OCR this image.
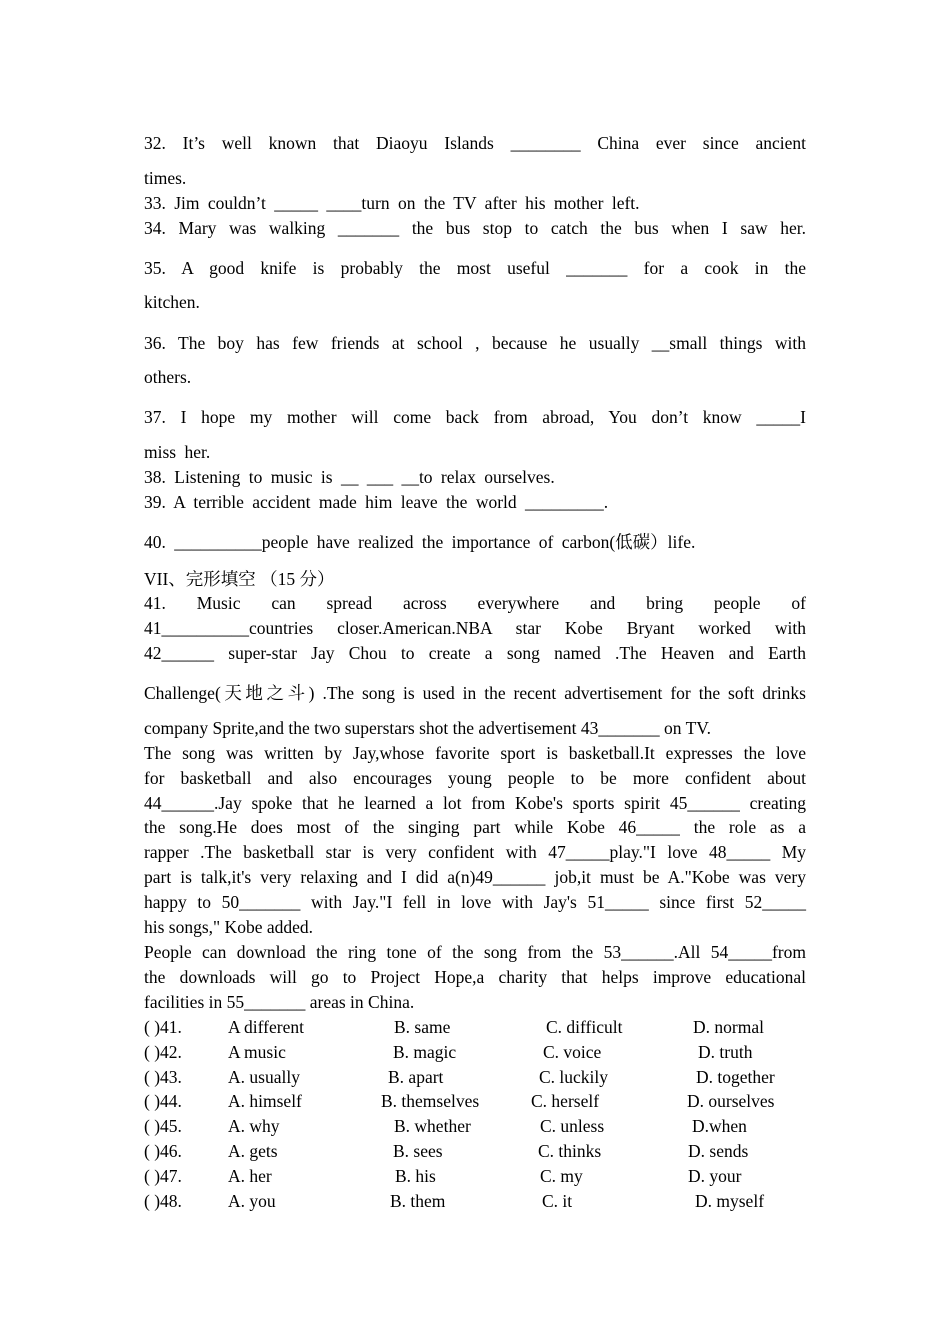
32. It’s well known that Diaoyu Islands ________ China ever since ancient
times.
33. Jim couldn’t _____ ____turn on the TV after his mother left.
34. Mary was walking _______ the bus stop to catch the bus when I saw her.
35. A good knife is probably the most useful _______ for a cook in the
kitchen.
36. The boy has few friends at school , because he usually __small things with
others.
37. I hope my mother will come back from abroad, You don’t know _____I
miss her.
38. Listening to music is __ ___ __to relax ourselves.
39. A terrible accident made him leave the world _________.
40. __________people have realized the importance of carbon(低碳）life.
VII、完形填空 （15 分）
41. Music can spread across everywhere and bring people of
41__________countries closer.American.NBA star Kobe Bryant worked with
42______ super-star Jay Chou to create a song named .The Heaven and Earth
Challenge(天地之斗) .The song is used in the recent advertisement for the soft drinks
company Sprite,and the two superstars shot the advertisement 43_______ on TV.
The song was written by Jay,whose favorite sport is basketball.It expresses the love
for basketball and also encourages young people to be more confident about
44______.Jay spoke that he learned a lot from Kobe's sports spirit 45______ creating
the song.He does most of the singing part while Kobe 46_____ the role as a
rapper .The basketball star is very confident with 47_____play."I love 48_____ My
part is talk,it's very relaxing and I did a(n)49______ job,it must be A."Kobe was very
happy to 50_______ with Jay."I fell in love with Jay's 51_____ since first 52_____
his songs," Kobe added.
People can download the ring tone of the song from the 53______.All 54_____from
the downloads will go to Project Hope,a charity that helps improve educational
facilities in 55_______ areas in China.
( )41.	A different	B. same	C. difficult	D. normal
( )42.	A music	B. magic	C. voice	D. truth
( )43.	A. usually	B. apart	C. luckily	D. together
( )44.	A. himself	B. themselves	C. herself	D. ourselves
( )45.	A. why	B. whether	C. unless	D.when
( )46.	A. gets	B. sees	C. thinks	D. sends
( )47.	A. her	B. his	C. my	D. your
( )48.	A. you	B. them	C. it	D. myself
